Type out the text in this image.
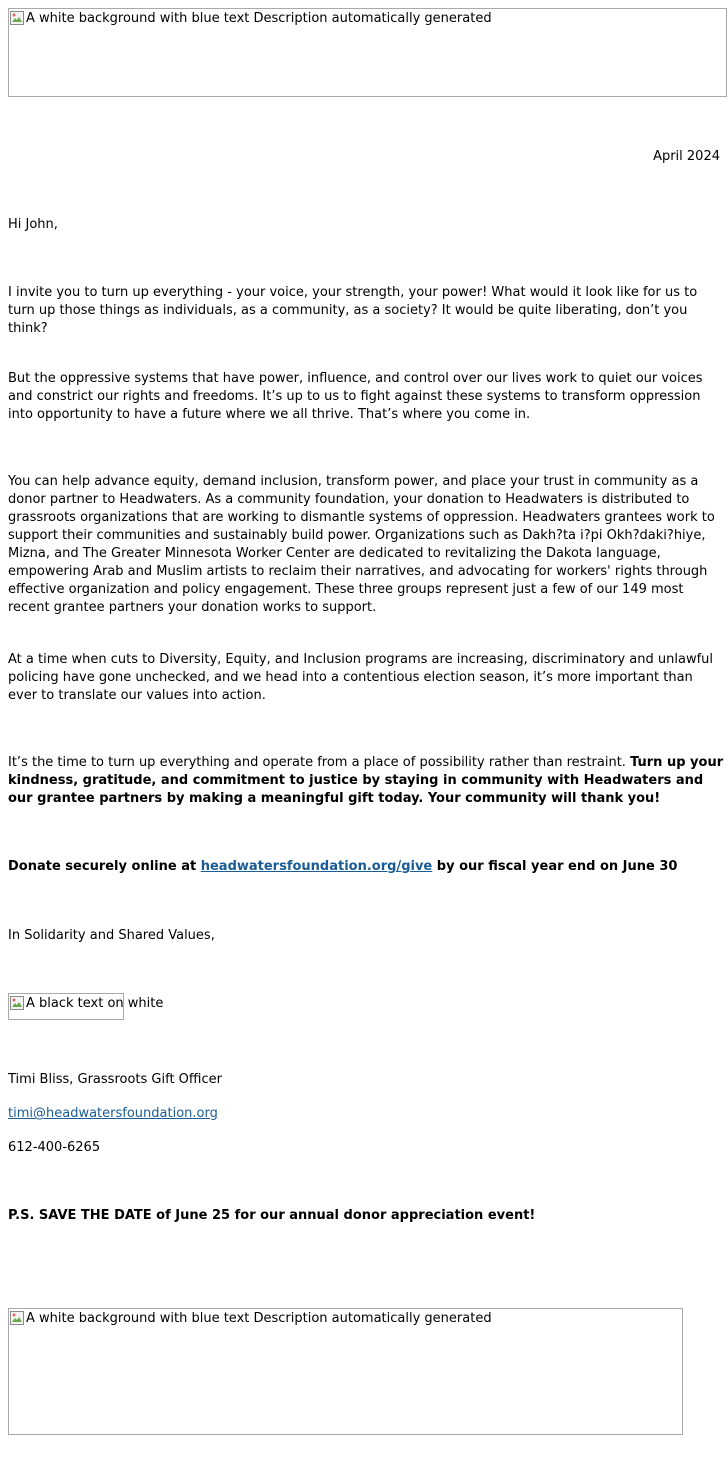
A white background with blue text Description automatically generated
April 2024
Hi John,

I invite you to turn up everything - your voice, your strength, your power! What would it look like for us to turn up those things as individuals, as a community, as a society? It would be quite liberating, don’t you think?

But the oppressive systems that have power, influence, and control over our lives work to quiet our voices and constrict our rights and freedoms. It’s up to us to fight against these systems to transform oppression into opportunity to have a future where we all thrive. That’s where you come in.

You can help advance equity, demand inclusion, transform power, and place your trust in community as a donor partner to Headwaters. As a community foundation, your donation to Headwaters is distributed to grassroots organizations that are working to dismantle systems of oppression. Headwaters grantees work to support their communities and sustainably build power. Organizations such as Dakh?ta i?pi Okh?daki?hiye, Mizna, and The Greater Minnesota Worker Center are dedicated to revitalizing the Dakota language, empowering Arab and Muslim artists to reclaim their narratives, and advocating for workers' rights through effective organization and policy engagement. These three groups represent just a few of our 149 most recent grantee partners your donation works to support.

At a time when cuts to Diversity, Equity, and Inclusion programs are increasing, discriminatory and unlawful policing have gone unchecked, and we head into a contentious election season, it’s more important than ever to translate our values into action.

It’s the time to turn up everything and operate from a place of possibility rather than restraint. Turn up your kindness, gratitude, and commitment to justice by staying in community with Headwaters and our grantee partners by making a meaningful gift today. Your community will thank you!

Donate securely online at headwatersfoundation.org/give by our fiscal year end on June 30

In Solidarity and Shared Values,
A black text on white
Timi Bliss, Grassroots Gift Officer
timi@headwatersfoundation.org
612-400-6265
P.S. SAVE THE DATE of June 25 for our annual donor appreciation event!
A white background with blue text Description automatically generated
